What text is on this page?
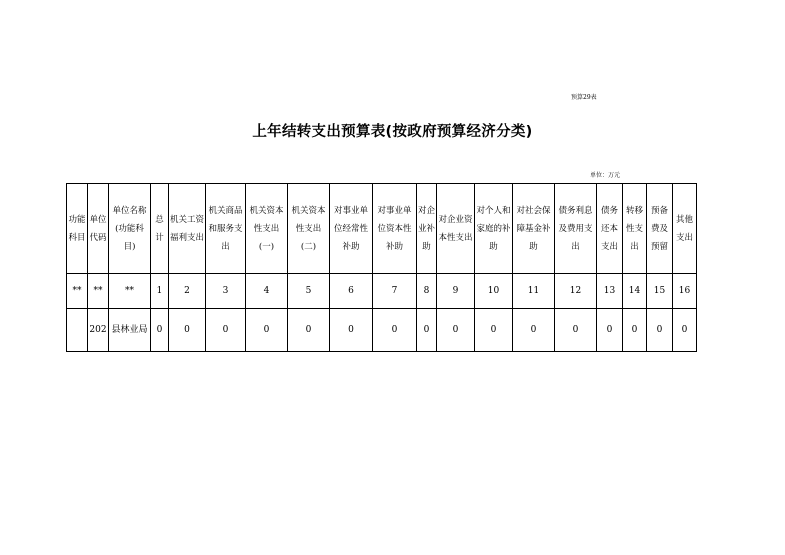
预算29表
上年结转支出预算表(按政府预算经济分类)
单位：万元
功能科目	单位代码	单位名称(功能科目)	总计	机关工资福利支出	机关商品和服务支出	机关资本性支出(一)	机关资本性支出(二)	对事业单位经常性补助	对事业单位资本性补助	对企业补助	对企业资本性支出	对个人和家庭的补助	对社会保障基金补助	债务利息及费用支出	债务还本支出	转移性支出	预备费及预留	其他支出

**	**	**	1	2	3	4	5	6	7	8	9	10	11	12	13	14	15	16
	202	县林业局	0	0	0	0	0	0	0	0	0	0	0	0	0	0	0	0
